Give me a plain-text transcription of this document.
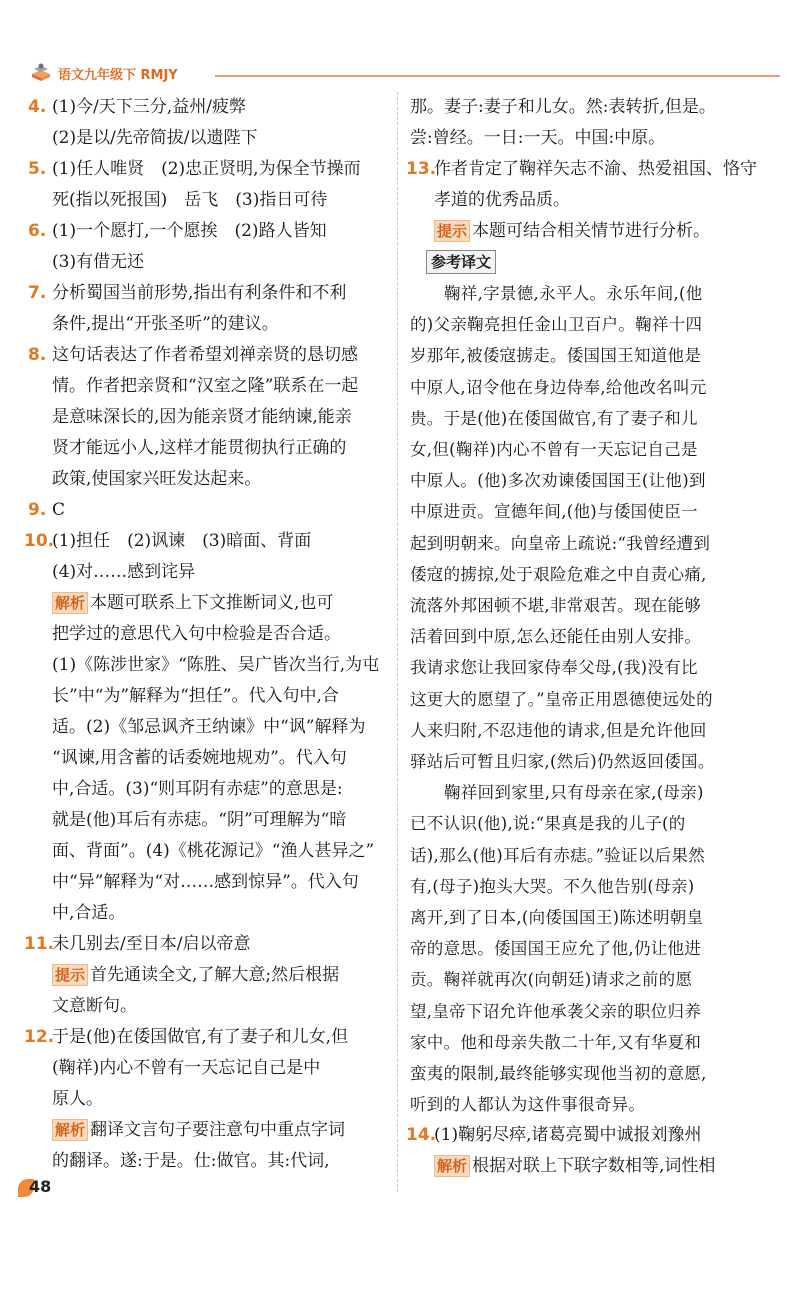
语文九年级下 RMJY
4. (1)今/天下三分,益州/疲弊
(2)是以/先帝简拔/以遗陛下
5. (1)任人唯贤　(2)忠正贤明,为保全节操而
死(指以死报国)　岳飞　(3)指日可待
6. (1)一个愿打,一个愿挨　(2)路人皆知
(3)有借无还
7. 分析蜀国当前形势,指出有利条件和不利
条件,提出“开张圣听”的建议。
8. 这句话表达了作者希望刘禅亲贤的恳切感
情。作者把亲贤和“汉室之隆”联系在一起
是意味深长的,因为能亲贤才能纳谏,能亲
贤才能远小人,这样才能贯彻执行正确的
政策,使国家兴旺发达起来。
9. C
10.
(1)担任　(2)讽谏　(3)暗面、背面
(4)对……感到诧异
解析 本题可联系上下文推断词义,也可
把学过的意思代入句中检验是否合适。
(1)《陈涉世家》“陈胜、吴广皆次当行,为屯
长”中“为”解释为“担任”。代入句中,合
适。(2)《邹忌讽齐王纳谏》中“讽”解释为
“讽谏,用含蓄的话委婉地规劝”。代入句
中,合适。(3)“则耳阴有赤痣”的意思是:
就是(他)耳后有赤痣。“阴”可理解为“暗
面、背面”。(4)《桃花源记》“渔人甚异之”
中“异”解释为“对……感到惊异”。代入句
中,合适。
11.
未几别去/至日本/启以帝意
提示 首先通读全文,了解大意;然后根据
文意断句。
12.
于是(他)在倭国做官,有了妻子和儿女,但
(鞠祥)内心不曾有一天忘记自己是中
原人。
解析 翻译文言句子要注意句中重点字词
的翻译。遂:于是。仕:做官。其:代词,
那。妻子:妻子和儿女。然:表转折,但是。
尝:曾经。一日:一天。中国:中原。
13.
作者肯定了鞠祥矢志不渝、热爱祖国、恪守
孝道的优秀品质。
提示 本题可结合相关情节进行分析。
参考译文
鞠祥,字景德,永平人。永乐年间,(他
的)父亲鞠亮担任金山卫百户。鞠祥十四
岁那年,被倭寇掳走。倭国国王知道他是
中原人,诏令他在身边侍奉,给他改名叫元
贵。于是(他)在倭国做官,有了妻子和儿
女,但(鞠祥)内心不曾有一天忘记自己是
中原人。(他)多次劝谏倭国国王(让他)到
中原进贡。宣德年间,(他)与倭国使臣一
起到明朝来。向皇帝上疏说:“我曾经遭到
倭寇的掳掠,处于艰险危难之中自责心痛,
流落外邦困顿不堪,非常艰苦。现在能够
活着回到中原,怎么还能任由别人安排。
我请求您让我回家侍奉父母,(我)没有比
这更大的愿望了。”皇帝正用恩德使远处的
人来归附,不忍违他的请求,但是允许他回
驿站后可暂且归家,(然后)仍然返回倭国。
鞠祥回到家里,只有母亲在家,(母亲)
已不认识(他),说:“果真是我的儿子(的
话),那么(他)耳后有赤痣。”验证以后果然
有,(母子)抱头大哭。不久他告别(母亲)
离开,到了日本,(向倭国国王)陈述明朝皇
帝的意思。倭国国王应允了他,仍让他进
贡。鞠祥就再次(向朝廷)请求之前的愿
望,皇帝下诏允许他承袭父亲的职位归养
家中。他和母亲失散二十年,又有华夏和
蛮夷的限制,最终能够实现他当初的意愿,
听到的人都认为这件事很奇异。
14.
(1)鞠躬尽瘁,诸葛亮蜀中诚报刘豫州
解析 根据对联上下联字数相等,词性相
48
